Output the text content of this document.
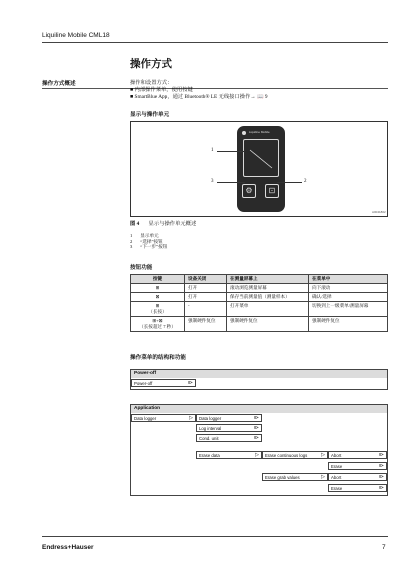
Liquiline Mobile CML18
操作方式
操作方式概述	操作和设置方式：
■ 内部操作菜单，使用按键
■ SmartBlue App，通过 Bluetooth® LE 无线接口操作→ 📖 9
显示与操作单元
Liquiline Mobile
⚙	⊡
1
2
3
A0041802
图 4 显示与操作单元概述
1 显示单元
2 “选择”按钮
3 “下一步”按钮
按钮功能
按键	设备关闭	在测量屏幕上	在菜单中
⊞	打开	滚动浏览测量屏幕	向下滚动
⊠	打开	保存当前测量值（测量样本）	确认/选择

⊞
（长按）	-	打开菜单	切换到上一级菜单/测量屏幕

⊞+⊠
（长按超过 7 秒）	强制硬件复位	强制硬件复位	强制硬件复位
操作菜单的结构和功能
Power-off
Power-off	⧐
Application
Data logger	▷	Data logger	⧐
Log interval	⧐
Cond. unit	⧐
Erase data	▷	Erase continuous logs	▷
Erase grab values	▷
Abort	⧐
Erase	⧐
Abort	⧐
Erase	⧐
Endress+Hauser	7
